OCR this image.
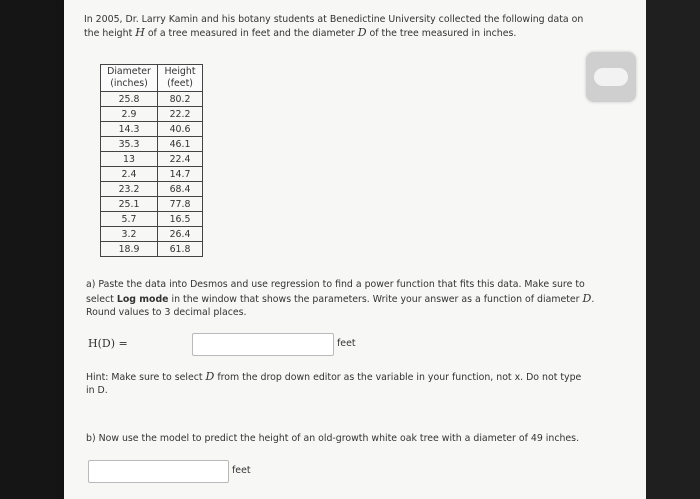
In 2005, Dr. Larry Kamin and his botany students at Benedictine University collected the following data on the height H of a tree measured in feet and the diameter D of the tree measured in inches.
Diameter (inches)	Height (feet)
25.8	80.2
2.9	22.2
14.3	40.6
35.3	46.1
13	22.4
2.4	14.7
23.2	68.4
25.1	77.8
5.7	16.5
3.2	26.4
18.9	61.8
a) Paste the data into Desmos and use regression to find a power function that fits this data. Make sure to select Log mode in the window that shows the parameters. Write your answer as a function of diameter D. Round values to 3 decimal places.
H(D) =	feet
Hint: Make sure to select D from the drop down editor as the variable in your function, not x. Do not type in D.
b) Now use the model to predict the height of an old-growth white oak tree with a diameter of 49 inches.
feet
